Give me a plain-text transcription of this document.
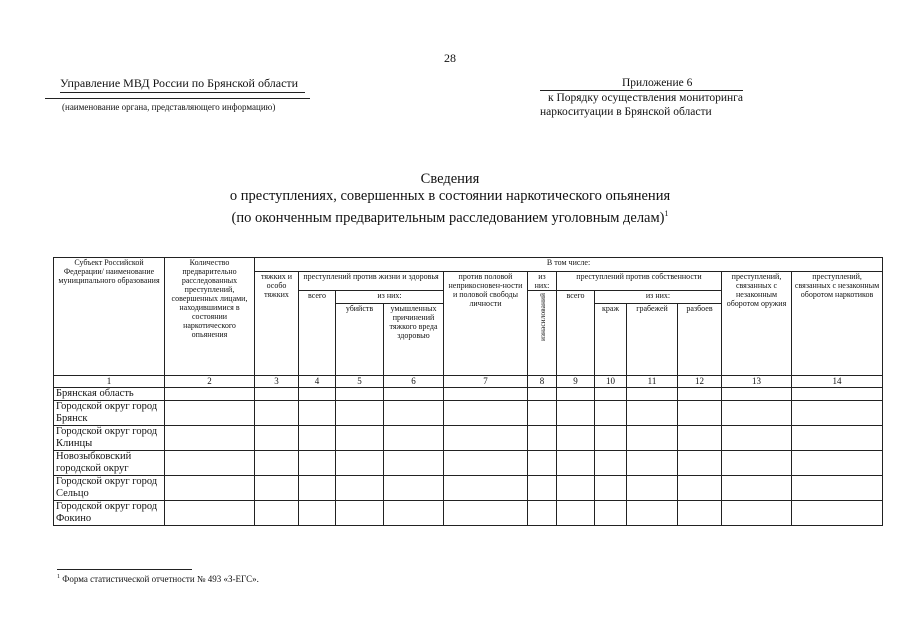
28
Управление МВД России по Брянской области
(наименование органа, представляющего информацию)
Приложение 6
к Порядку осуществления мониторинга
наркоситуации в Брянской области
Сведения
о преступлениях, совершенных в состоянии наркотического опьянения
(по оконченным предварительным расследованием уголовным делам)$^1$
Субъект Российской Федерации/ наименование муниципального образования	Количество предварительно расследованных преступлений, совершенных лицами, находившимися в состоянии наркотического опьянения	В том числе:											
		тяжких и особо тяжких	преступлений против жизни и здоровья			против половой неприкосновен-ности и половой свободы личности	из них:	преступлений против собственности				преступлений, связанных с незаконным оборотом оружия	преступлений, связанных с незаконным оборотом наркотиков
			всего	из них:			изнасилований	всего	из них:				
				убийств	умышленных причинений тяжкого вреда здоровью				краж	грабежей	разбоев		
1	2	3	4	5	6	7	8	9	10	11	12	13	14
Брянская область													
Городской округ город Брянск													
Городской округ город Клинцы													
Новозыбковский городской округ													
Городской округ город Сельцо													
Городской округ город Фокино													
$^1$ Форма статистической отчетности № 493 «З-ЕГС».
